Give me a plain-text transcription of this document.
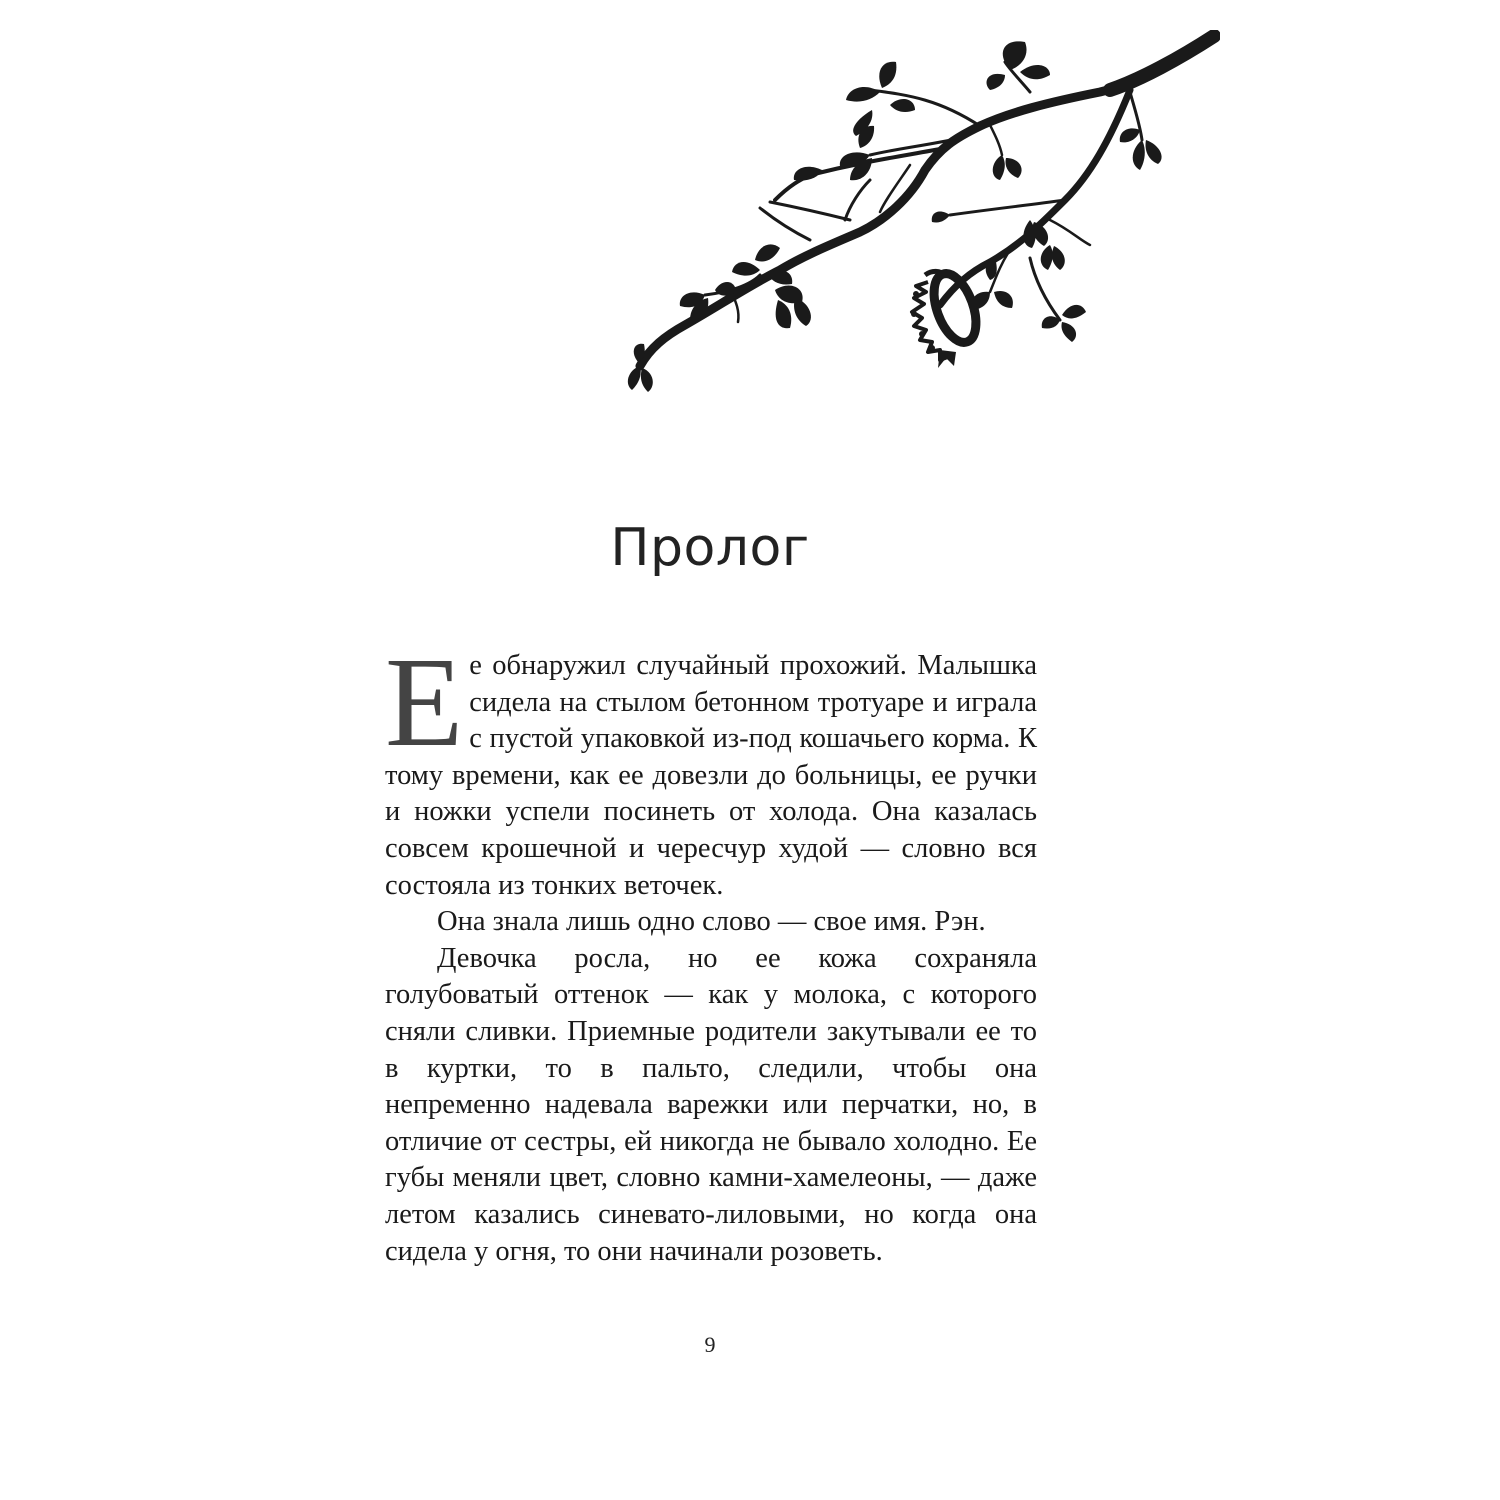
Пролог

Ее обнаружил случайный прохожий. Малышка сидела на стылом бетонном тротуаре и играла с пустой упаковкой из-под кошачьего корма. К тому времени, как ее довезли до больницы, ее ручки и ножки успели посинеть от холода. Она казалась совсем крошечной и чересчур худой — словно вся состояла из тонких веточек.

Она знала лишь одно слово — свое имя. Рэн.

Девочка росла, но ее кожа сохраняла голубоватый оттенок — как у молока, с которого сняли сливки. Приемные родители закутывали ее то в куртки, то в пальто, следили, чтобы она непременно надевала варежки или перчатки, но, в отличие от сестры, ей никогда не бывало холодно. Ее губы меняли цвет, словно камни-хамелеоны, — даже летом казались синевато-лиловыми, но когда она сидела у огня, то они начинали розоветь.

9
